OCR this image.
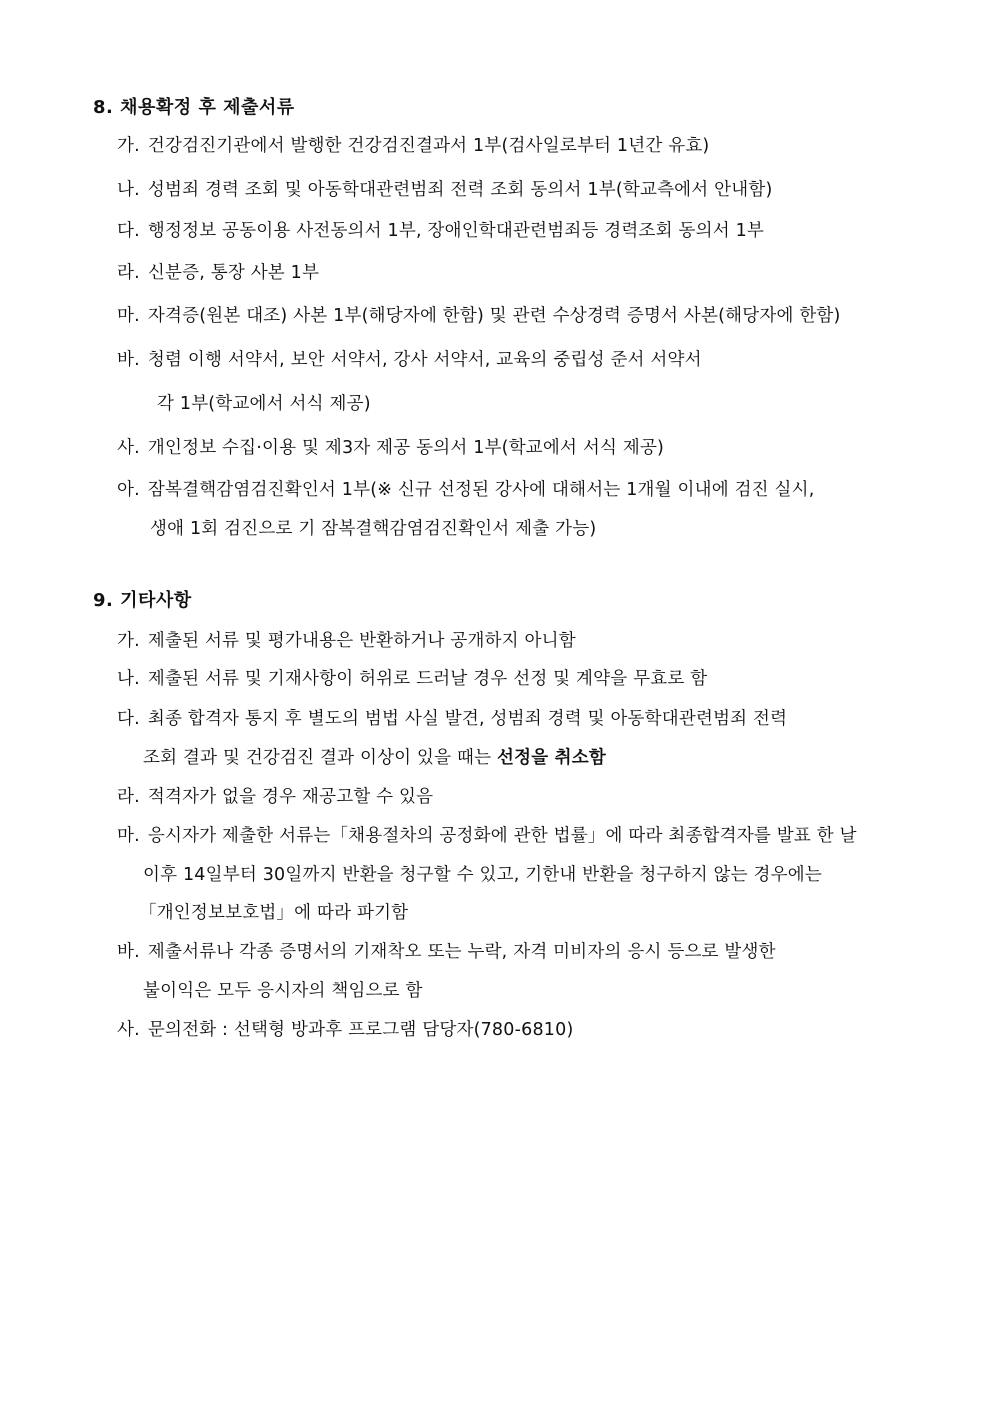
8. 채용확정 후 제출서류
가. 건강검진기관에서 발행한 건강검진결과서 1부(검사일로부터 1년간 유효)
나. 성범죄 경력 조회 및 아동학대관련범죄 전력 조회 동의서 1부(학교측에서 안내함)
다. 행정정보 공동이용 사전동의서 1부, 장애인학대관련범죄등 경력조회 동의서 1부
라. 신분증, 통장 사본 1부
마. 자격증(원본 대조) 사본 1부(해당자에 한함) 및 관련 수상경력 증명서 사본(해당자에 한함)
바. 청렴 이행 서약서, 보안 서약서, 강사 서약서, 교육의 중립성 준서 서약서
각 1부(학교에서 서식 제공)
사. 개인정보 수집·이용 및 제3자 제공 동의서 1부(학교에서 서식 제공)
아. 잠복결핵감염검진확인서 1부(※ 신규 선정된 강사에 대해서는 1개월 이내에 검진 실시,
생애 1회 검진으로 기 잠복결핵감염검진확인서 제출 가능)
9. 기타사항
가. 제출된 서류 및 평가내용은 반환하거나 공개하지 아니함
나. 제출된 서류 및 기재사항이 허위로 드러날 경우 선정 및 계약을 무효로 함
다. 최종 합격자 통지 후 별도의 범법 사실 발견, 성범죄 경력 및 아동학대관련범죄 전력
조회 결과 및 건강검진 결과 이상이 있을 때는 선정을 취소함
라. 적격자가 없을 경우 재공고할 수 있음
마. 응시자가 제출한 서류는「채용절차의 공정화에 관한 법률」에 따라 최종합격자를 발표 한 날
이후 14일부터 30일까지 반환을 청구할 수 있고, 기한내 반환을 청구하지 않는 경우에는
「개인정보보호법」에 따라 파기함
바. 제출서류나 각종 증명서의 기재착오 또는 누락, 자격 미비자의 응시 등으로 발생한
불이익은 모두 응시자의 책임으로 함
사. 문의전화 : 선택형 방과후 프로그램 담당자(780-6810)
